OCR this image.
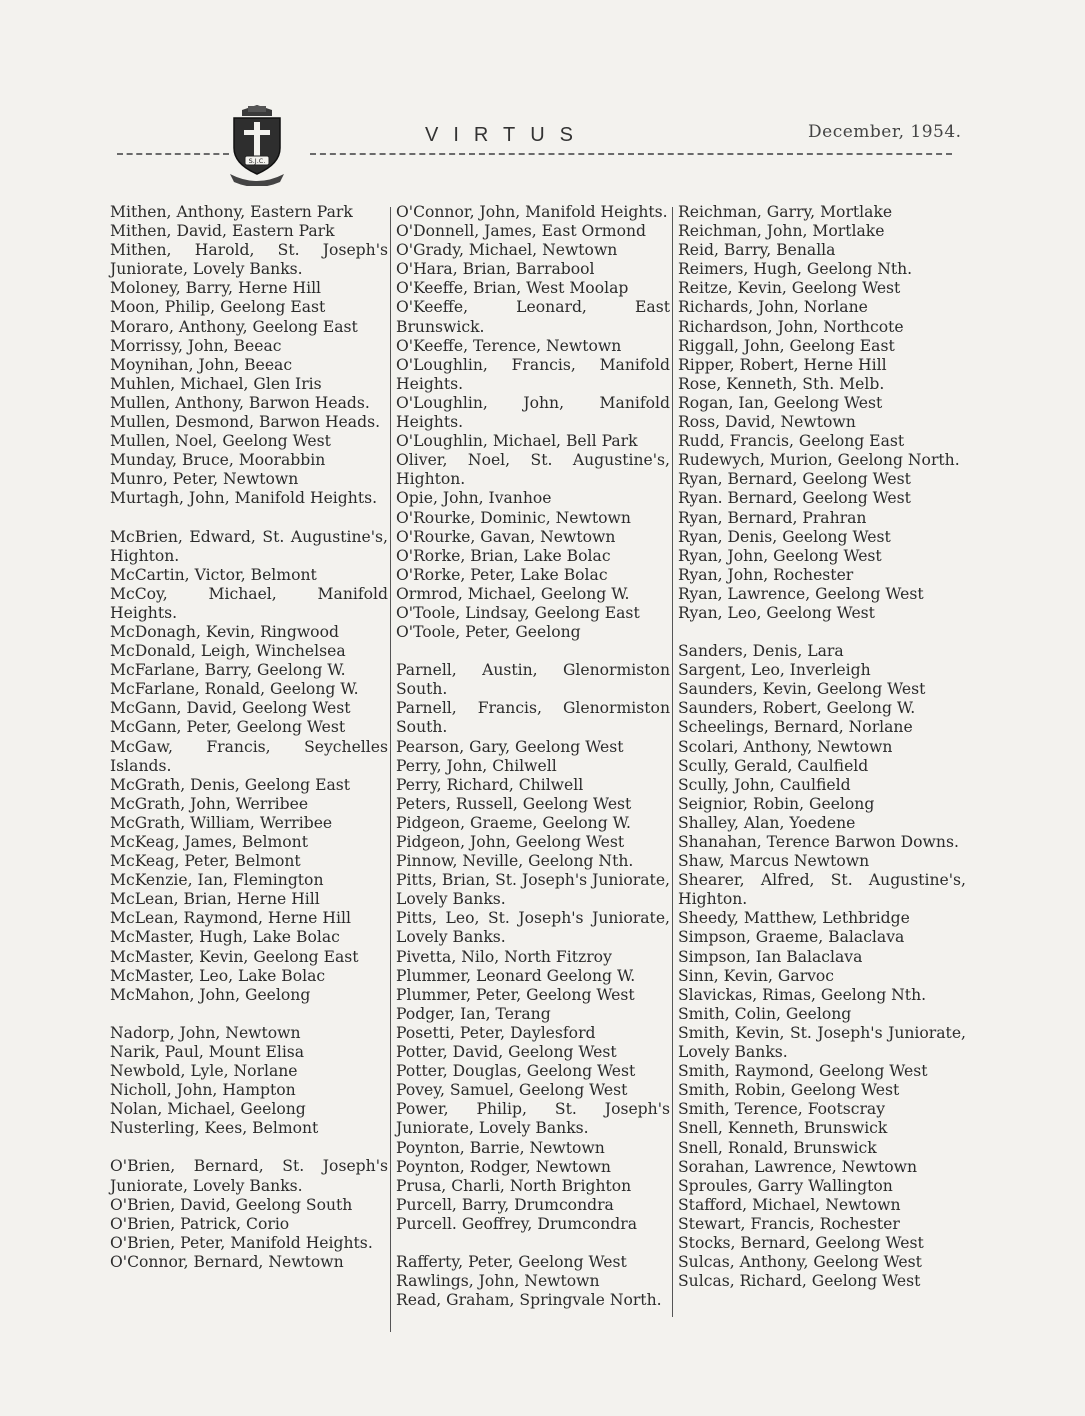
S.J.C.
VIRTUS	December, 1954.

Mithen, Anthony, Eastern Park

Mithen, David, Eastern Park

Mithen, Harold, St. Joseph's Juniorate, Lovely Banks.

Moloney, Barry, Herne Hill

Moon, Philip, Geelong East

Moraro, Anthony, Geelong East

Morrissy, John, Beeac

Moynihan, John, Beeac

Muhlen, Michael, Glen Iris

Mullen, Anthony, Barwon Heads.

Mullen, Desmond, Barwon Heads.

Mullen, Noel, Geelong West

Munday, Bruce, Moorabbin

Munro, Peter, Newtown

Murtagh, John, Manifold Heights.

McBrien, Edward, St. Augustine's, Highton.

McCartin, Victor, Belmont

McCoy, Michael, Manifold Heights.

McDonagh, Kevin, Ringwood

McDonald, Leigh, Winchelsea

McFarlane, Barry, Geelong W.

McFarlane, Ronald, Geelong W.

McGann, David, Geelong West

McGann, Peter, Geelong West

McGaw, Francis, Seychelles Islands.

McGrath, Denis, Geelong East

McGrath, John, Werribee

McGrath, William, Werribee

McKeag, James, Belmont

McKeag, Peter, Belmont

McKenzie, Ian, Flemington

McLean, Brian, Herne Hill

McLean, Raymond, Herne Hill

McMaster, Hugh, Lake Bolac

McMaster, Kevin, Geelong East

McMaster, Leo, Lake Bolac

McMahon, John, Geelong

Nadorp, John, Newtown

Narik, Paul, Mount Elisa

Newbold, Lyle, Norlane

Nicholl, John, Hampton

Nolan, Michael, Geelong

Nusterling, Kees, Belmont

O'Brien, Bernard, St. Joseph's Juniorate, Lovely Banks.

O'Brien, David, Geelong South

O'Brien, Patrick, Corio

O'Brien, Peter, Manifold Heights.

O'Connor, Bernard, Newtown

O'Connor, John, Manifold Heights.

O'Donnell, James, East Ormond

O'Grady, Michael, Newtown

O'Hara, Brian, Barrabool

O'Keeffe, Brian, West Moolap

O'Keeffe, Leonard, East Brunswick.

O'Keeffe, Terence, Newtown

O'Loughlin, Francis, Manifold Heights.

O'Loughlin, John, Manifold Heights.

O'Loughlin, Michael, Bell Park

Oliver, Noel, St. Augustine's, Highton.

Opie, John, Ivanhoe

O'Rourke, Dominic, Newtown

O'Rourke, Gavan, Newtown

O'Rorke, Brian, Lake Bolac

O'Rorke, Peter, Lake Bolac

Ormrod, Michael, Geelong W.

O'Toole, Lindsay, Geelong East

O'Toole, Peter, Geelong

Parnell, Austin, Glenormiston South.

Parnell, Francis, Glenormiston South.

Pearson, Gary, Geelong West

Perry, John, Chilwell

Perry, Richard, Chilwell

Peters, Russell, Geelong West

Pidgeon, Graeme, Geelong W.

Pidgeon, John, Geelong West

Pinnow, Neville, Geelong Nth.

Pitts, Brian, St. Joseph's Juniorate, Lovely Banks.

Pitts, Leo, St. Joseph's Juniorate, Lovely Banks.

Pivetta, Nilo, North Fitzroy

Plummer, Leonard Geelong W.

Plummer, Peter, Geelong West

Podger, Ian, Terang

Posetti, Peter, Daylesford

Potter, David, Geelong West

Potter, Douglas, Geelong West

Povey, Samuel, Geelong West

Power, Philip, St. Joseph's Juniorate, Lovely Banks.

Poynton, Barrie, Newtown

Poynton, Rodger, Newtown

Prusa, Charli, North Brighton

Purcell, Barry, Drumcondra

Purcell. Geoffrey, Drumcondra

Rafferty, Peter, Geelong West

Rawlings, John, Newtown

Read, Graham, Springvale North.

Reichman, Garry, Mortlake

Reichman, John, Mortlake

Reid, Barry, Benalla

Reimers, Hugh, Geelong Nth.

Reitze, Kevin, Geelong West

Richards, John, Norlane

Richardson, John, Northcote

Riggall, John, Geelong East

Ripper, Robert, Herne Hill

Rose, Kenneth, Sth. Melb.

Rogan, Ian, Geelong West

Ross, David, Newtown

Rudd, Francis, Geelong East

Rudewych, Murion, Geelong North.

Ryan, Bernard, Geelong West

Ryan. Bernard, Geelong West

Ryan, Bernard, Prahran

Ryan, Denis, Geelong West

Ryan, John, Geelong West

Ryan, John, Rochester

Ryan, Lawrence, Geelong West

Ryan, Leo, Geelong West

Sanders, Denis, Lara

Sargent, Leo, Inverleigh

Saunders, Kevin, Geelong West

Saunders, Robert, Geelong W.

Scheelings, Bernard, Norlane

Scolari, Anthony, Newtown

Scully, Gerald, Caulfield

Scully, John, Caulfield

Seignior, Robin, Geelong

Shalley, Alan, Yoedene

Shanahan, Terence Barwon Downs.

Shaw, Marcus Newtown

Shearer, Alfred, St. Augustine's, Highton.

Sheedy, Matthew, Lethbridge

Simpson, Graeme, Balaclava

Simpson, Ian Balaclava

Sinn, Kevin, Garvoc

Slavickas, Rimas, Geelong Nth.

Smith, Colin, Geelong

Smith, Kevin, St. Joseph's Juniorate, Lovely Banks.

Smith, Raymond, Geelong West

Smith, Robin, Geelong West

Smith, Terence, Footscray

Snell, Kenneth, Brunswick

Snell, Ronald, Brunswick

Sorahan, Lawrence, Newtown

Sproules, Garry Wallington

Stafford, Michael, Newtown

Stewart, Francis, Rochester

Stocks, Bernard, Geelong West

Sulcas, Anthony, Geelong West

Sulcas, Richard, Geelong West
